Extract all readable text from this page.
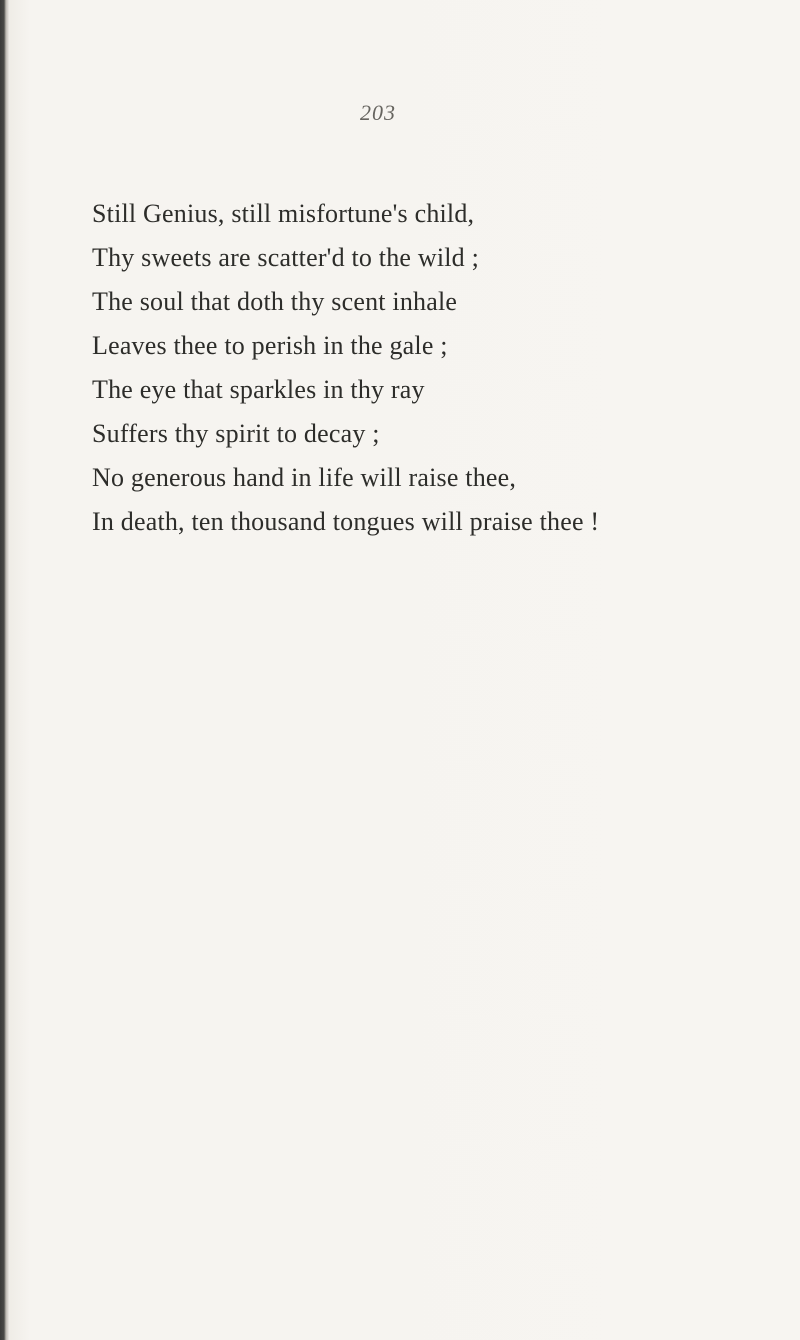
203
Still Genius, still misfortune's child,
Thy sweets are scatter'd to the wild ;
The soul that doth thy scent inhale
Leaves thee to perish in the gale ;
The eye that sparkles in thy ray
Suffers thy spirit to decay ;
No generous hand in life will raise thee,
In death, ten thousand tongues will praise thee !
